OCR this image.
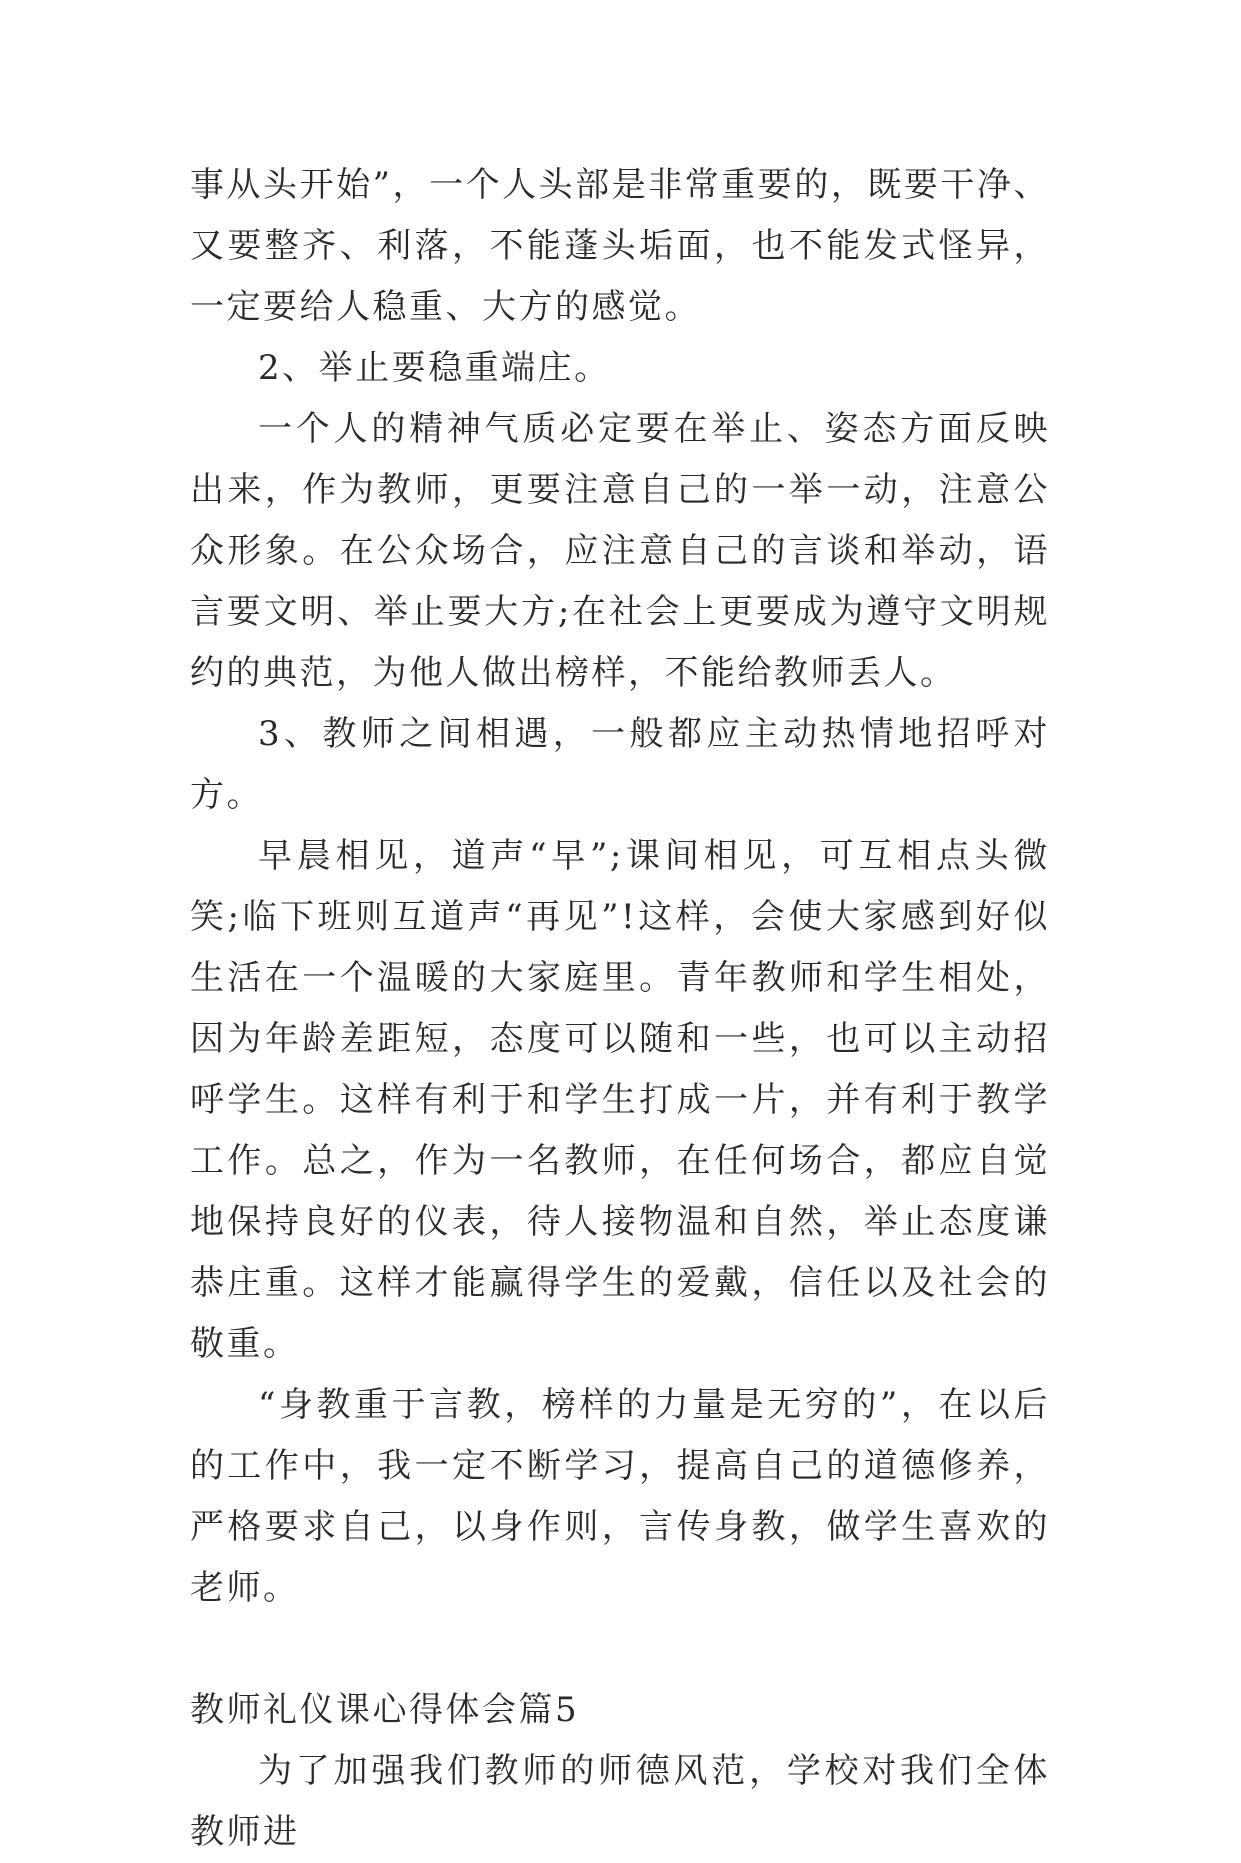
事从头开始”，一个人头部是非常重要的，既要干净、又要整齐、利落，不能蓬头垢面，也不能发式怪异，一定要给人稳重、大方的感觉。

2、举止要稳重端庄。

一个人的精神气质必定要在举止、姿态方面反映出来，作为教师，更要注意自己的一举一动，注意公众形象。在公众场合，应注意自己的言谈和举动，语言要文明、举止要大方;在社会上更要成为遵守文明规约的典范，为他人做出榜样，不能给教师丢人。

3、教师之间相遇，一般都应主动热情地招呼对方。

早晨相见，道声“早”;课间相见，可互相点头微笑;临下班则互道声“再见”!这样，会使大家感到好似生活在一个温暖的大家庭里。青年教师和学生相处，因为年龄差距短，态度可以随和一些，也可以主动招呼学生。这样有利于和学生打成一片，并有利于教学工作。总之，作为一名教师，在任何场合，都应自觉地保持良好的仪表，待人接物温和自然，举止态度谦恭庄重。这样才能赢得学生的爱戴，信任以及社会的敬重。

“身教重于言教，榜样的力量是无穷的”，在以后的工作中，我一定不断学习，提高自己的道德修养，严格要求自己，以身作则，言传身教，做学生喜欢的老师。

教师礼仪课心得体会篇5

为了加强我们教师的师德风范，学校对我们全体教师进
